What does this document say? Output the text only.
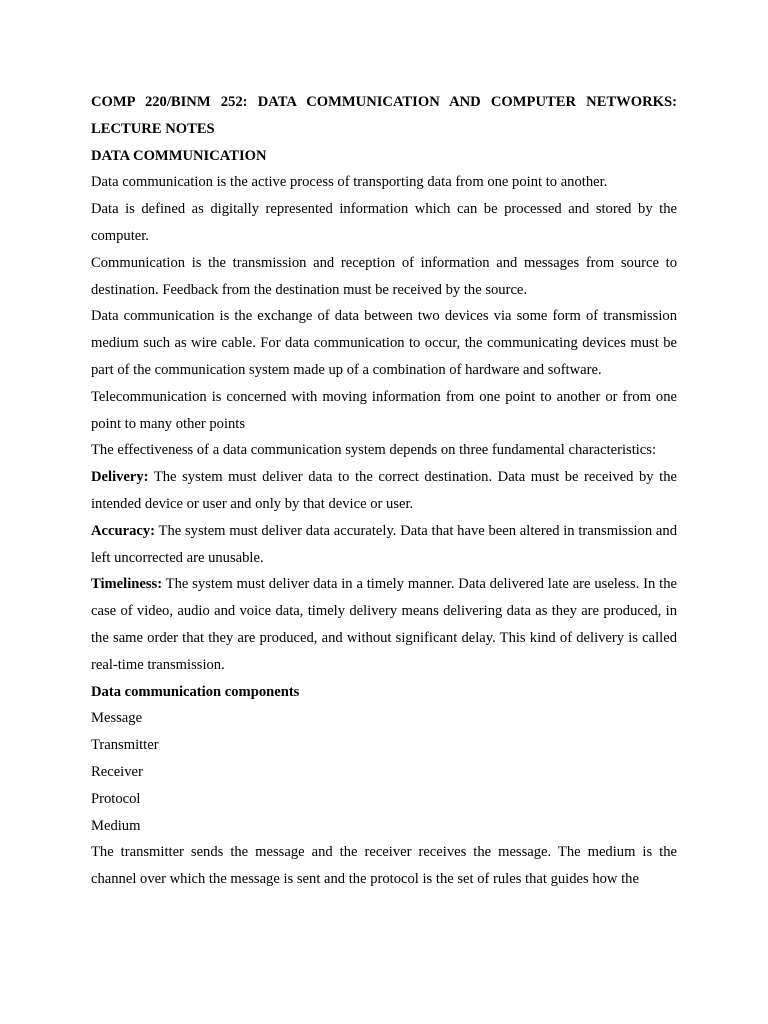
COMP 220/BINM 252: DATA COMMUNICATION AND COMPUTER NETWORKS:
LECTURE NOTES
DATA COMMUNICATION

Data communication is the active process of transporting data from one point to another.

Data is defined as digitally represented information which can be processed and stored by the computer.

Communication is the transmission and reception of information and messages from source to destination. Feedback from the destination must be received by the source.

Data communication is the exchange of data between two devices via some form of transmission medium such as wire cable. For data communication to occur, the communicating devices must be part of the communication system made up of a combination of hardware and software.

Telecommunication is concerned with moving information from one point to another or from one point to many other points

The effectiveness of a data communication system depends on three fundamental characteristics:

Delivery: The system must deliver data to the correct destination. Data must be received by the intended device or user and only by that device or user.

Accuracy: The system must deliver data accurately. Data that have been altered in transmission and left uncorrected are unusable.

Timeliness: The system must deliver data in a timely manner. Data delivered late are useless. In the case of video, audio and voice data, timely delivery means delivering data as they are produced, in the same order that they are produced, and without significant delay. This kind of delivery is called real-time transmission.

Data communication components
Message
Transmitter
Receiver
Protocol
Medium

The transmitter sends the message and the receiver receives the message. The medium is the channel over which the message is sent and the protocol is the set of rules that guides how the
